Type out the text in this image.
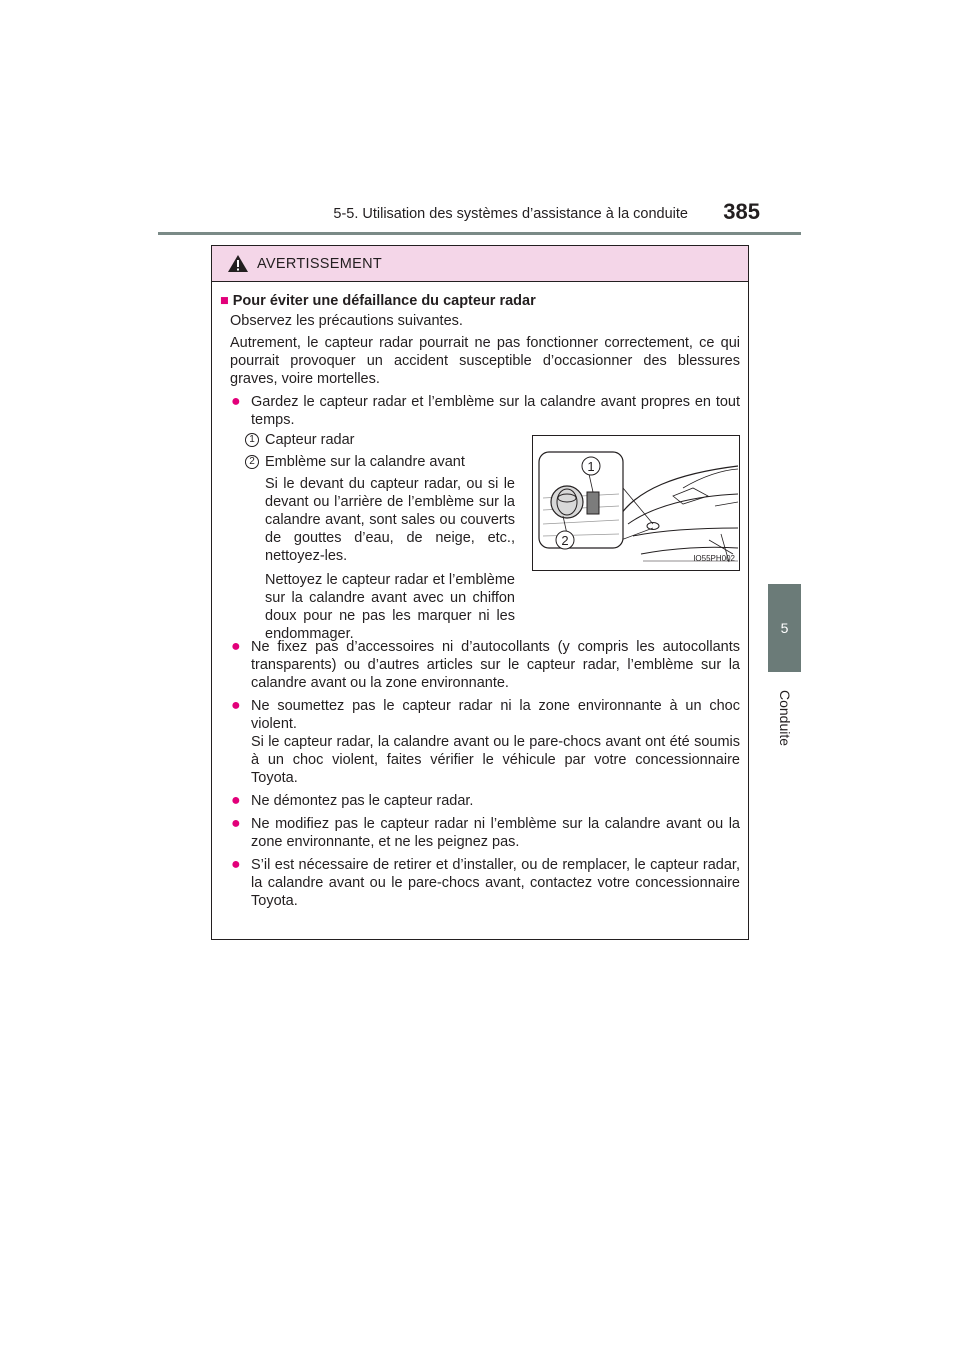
5-5. Utilisation des systèmes d’assistance à la conduite	385
5
Conduite
AVERTISSEMENT
■ Pour éviter une défaillance du capteur radar
Observez les précautions suivantes.
Autrement, le capteur radar pourrait ne pas fonctionner correctement, ce qui pourrait provoquer un accident susceptible d’occasionner des blessures graves, voire mortelles.
● Gardez le capteur radar et l’emblème sur la calandre avant propres en tout temps.
1 Capteur radar
2 Emblème sur la calandre avant
Si le devant du capteur radar, ou si le devant ou l’arrière de l’emblème sur la calandre avant, sont sales ou couverts de gouttes d’eau, de neige, etc., nettoyez-les.
Nettoyez le capteur radar et l’emblème sur la calandre avant avec un chiffon doux pour ne pas les marquer ni les endommager.
1
2
IO55PH002
● Ne fixez pas d’accessoires ni d’autocollants (y compris les autocollants transparents) ou d’autres articles sur le capteur radar, l’emblème sur la calandre avant ou la zone environnante.
● Ne soumettez pas le capteur radar ni la zone environnante à un choc violent.
Si le capteur radar, la calandre avant ou le pare-chocs avant ont été soumis à un choc violent, faites vérifier le véhicule par votre concessionnaire Toyota.
● Ne démontez pas le capteur radar.
● Ne modifiez pas le capteur radar ni l’emblème sur la calandre avant ou la zone environnante, et ne les peignez pas.
● S’il est nécessaire de retirer et d’installer, ou de remplacer, le capteur radar, la calandre avant ou le pare-chocs avant, contactez votre concessionnaire Toyota.
